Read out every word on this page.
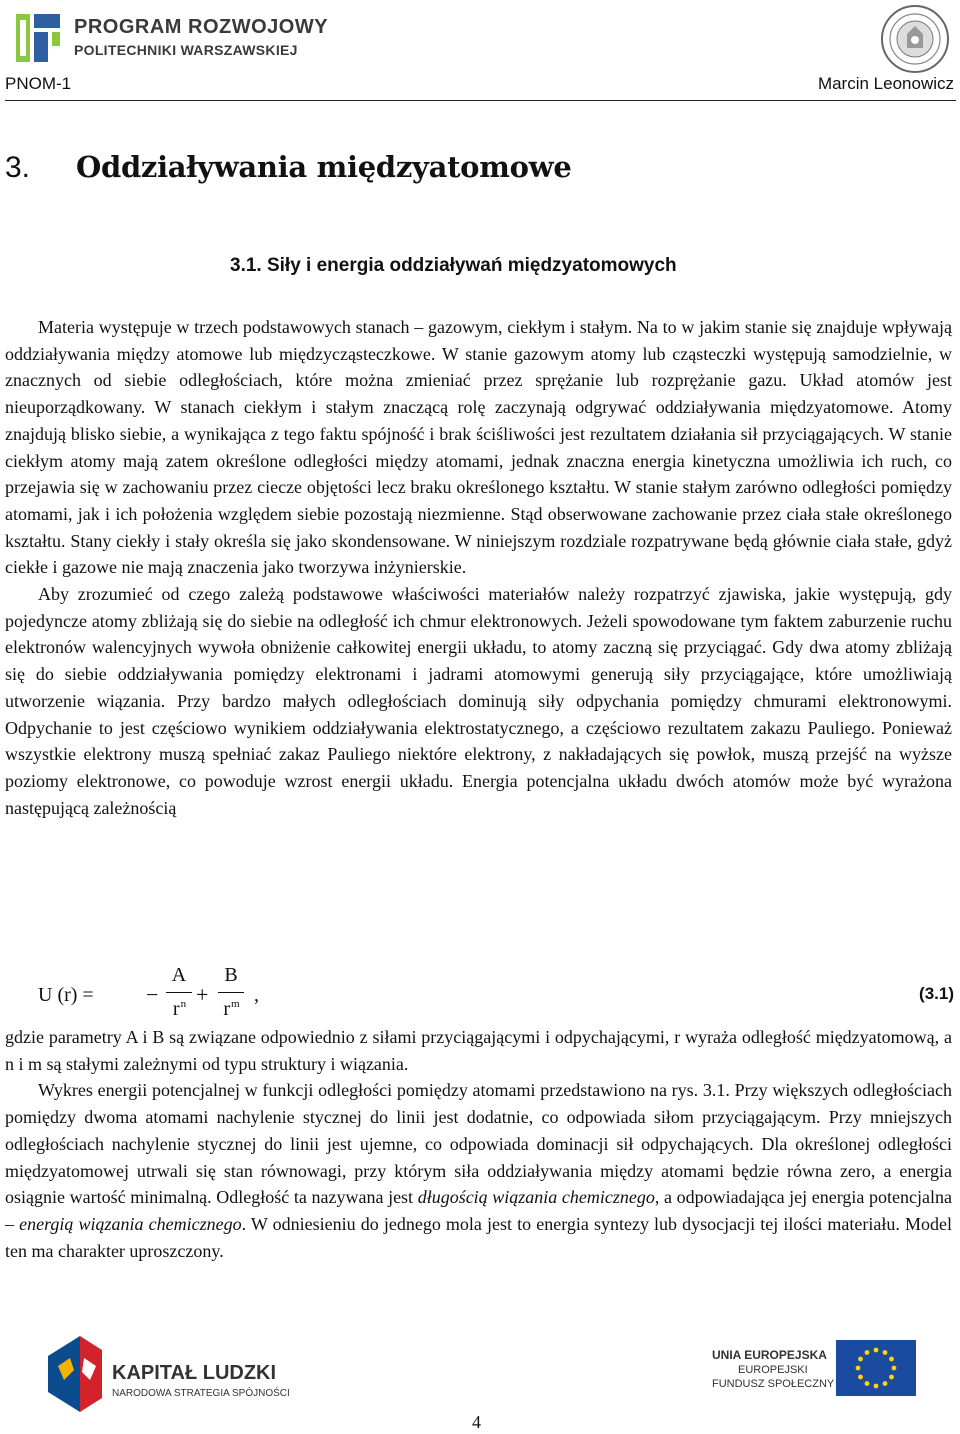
PROGRAM ROZWOJOWY
POLITECHNIKI WARSZAWSKIEJ
PNOM-1	Marcin Leonowicz
3. Oddziaływania międzyatomowe
3.1. Siły i energia oddziaływań międzyatomowych

Materia występuje w trzech podstawowych stanach – gazowym, ciekłym i stałym. Na to w jakim stanie się znajduje wpływają oddziaływania między atomowe lub międzycząsteczkowe. W stanie gazowym atomy lub cząsteczki występują samodzielnie, w znacznych od siebie odległościach, które można zmieniać przez sprężanie lub rozprężanie gazu. Układ atomów jest nieuporządkowany. W stanach ciekłym i stałym znaczącą rolę zaczynają odgrywać oddziaływania międzyatomowe. Atomy znajdują blisko siebie, a wynikająca z tego faktu spójność i brak ściśliwości jest rezultatem działania sił przyciągających. W stanie ciekłym atomy mają zatem określone odległości między atomami, jednak znaczna energia kinetyczna umożliwia ich ruch, co przejawia się w zachowaniu przez ciecze objętości lecz braku określonego kształtu. W stanie stałym zarówno odległości pomiędzy atomami, jak i ich położenia względem siebie pozostają niezmienne. Stąd obserwowane zachowanie przez ciała stałe określonego kształtu. Stany ciekły i stały określa się jako skondensowane. W niniejszym rozdziale rozpatrywane będą głównie ciała stałe, gdyż ciekłe i gazowe nie mają znaczenia jako tworzywa inżynierskie.

Aby zrozumieć od czego zależą podstawowe właściwości materiałów należy rozpatrzyć zjawiska, jakie występują, gdy pojedyncze atomy zbliżają się do siebie na odległość ich chmur elektronowych. Jeżeli spowodowane tym faktem zaburzenie ruchu elektronów walencyjnych wywoła obniżenie całkowitej energii układu, to atomy zaczną się przyciągać. Gdy dwa atomy zbliżają się do siebie oddziaływania pomiędzy elektronami i jadrami atomowymi generują siły przyciągające, które umożliwiają utworzenie wiązania. Przy bardzo małych odległościach dominują siły odpychania pomiędzy chmurami elektronowymi. Odpychanie to jest częściowo wynikiem oddziaływania elektrostatycznego, a częściowo rezultatem zakazu Pauliego. Ponieważ wszystkie elektrony muszą spełniać zakaz Pauliego niektóre elektrony, z nakładających się powłok, muszą przejść na wyższe poziomy elektronowe, co powoduje wzrost energii układu. Energia potencjalna układu dwóch atomów może być wyrażona następującą zależnością

U (r) = −
A
$r^n$ +
B
$r^m$ ,	(3.1)

gdzie parametry A i B są związane odpowiednio z siłami przyciągającymi i odpychającymi, r wyraża odległość międzyatomową, a n i m są stałymi zależnymi od typu struktury i wiązania.

Wykres energii potencjalnej w funkcji odległości pomiędzy atomami przedstawiono na rys. 3.1. Przy większych odległościach pomiędzy dwoma atomami nachylenie stycznej do linii jest dodatnie, co odpowiada siłom przyciągającym. Przy mniejszych odległościach nachylenie stycznej do linii jest ujemne, co odpowiada dominacji sił odpychających. Dla określonej odległości międzyatomowej utrwali się stan równowagi, przy którym siła oddziaływania między atomami będzie równa zero, a energia osiągnie wartość minimalną. Odległość ta nazywana jest długością wiązania chemicznego, a odpowiadająca jej energia potencjalna – energią wiązania chemicznego. W odniesieniu do jednego mola jest to energia syntezy lub dysocjacji tej ilości materiału. Model ten ma charakter uproszczony.

KAPITAŁ LUDZKI
NARODOWA STRATEGIA SPÓJNOŚCI
UNIA EUROPEJSKA
EUROPEJSKI
FUNDUSZ SPOŁECZNY
4
